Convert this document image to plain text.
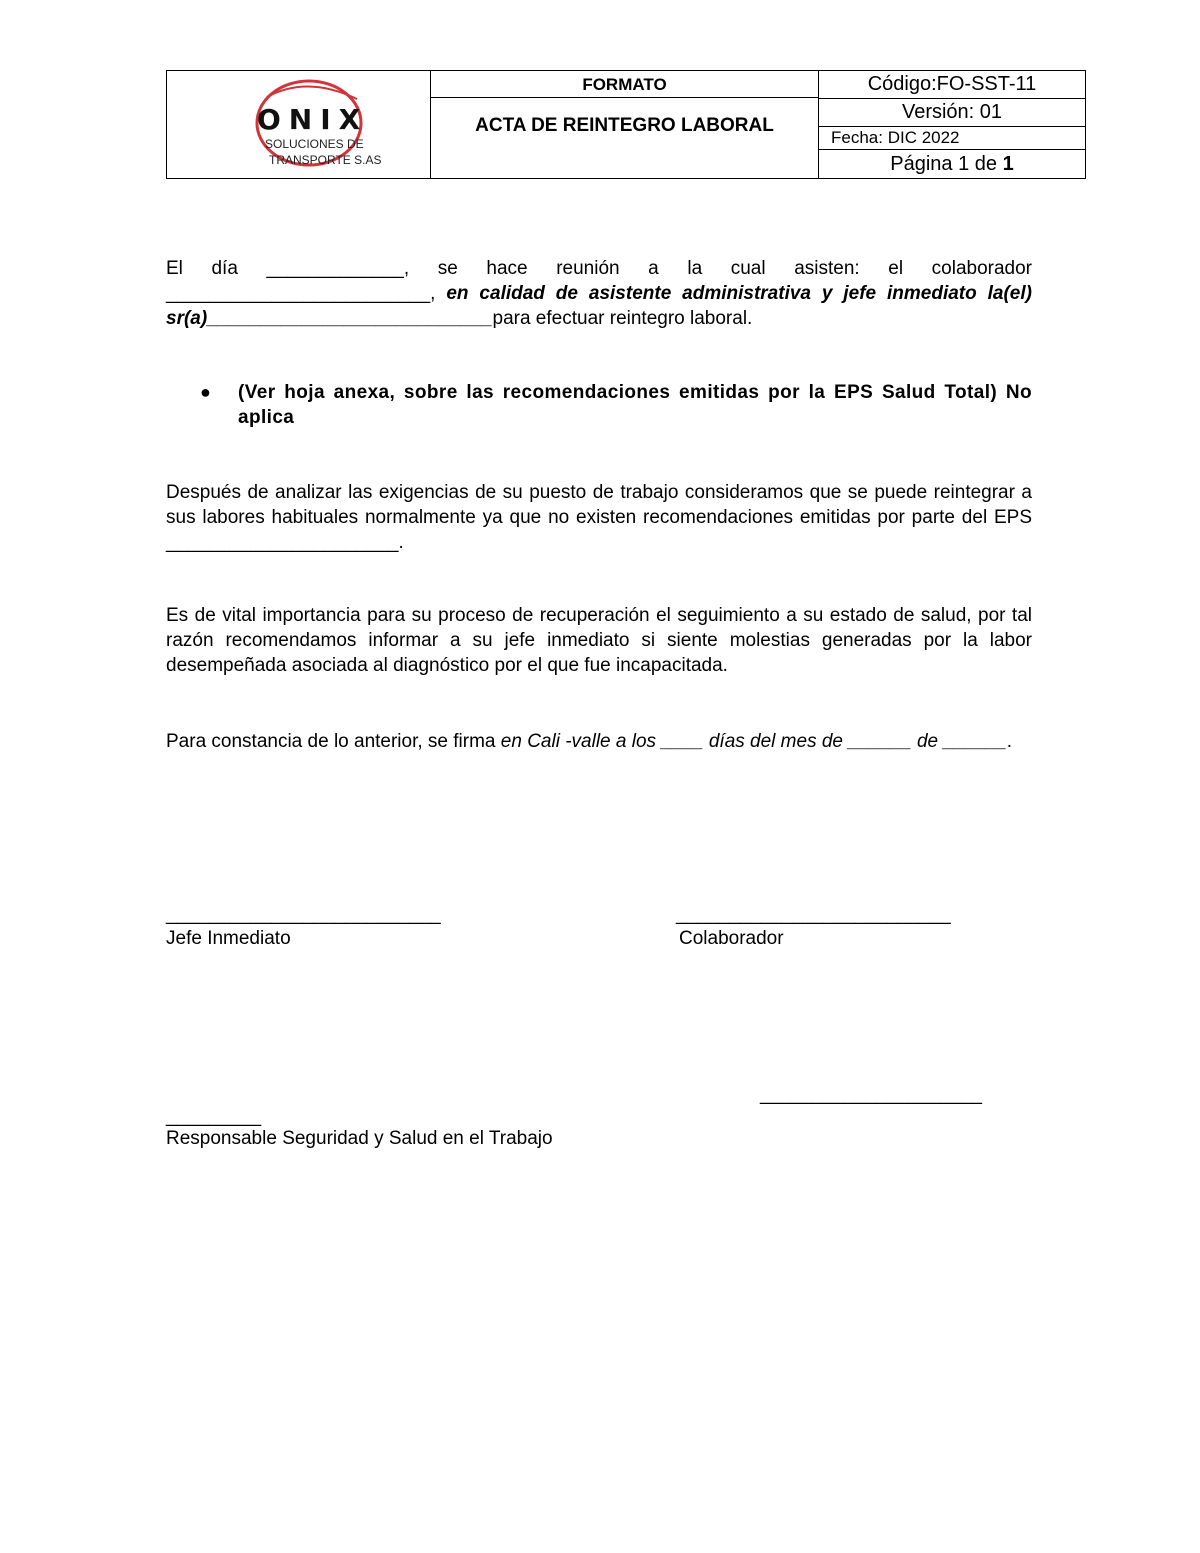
ONIX
SOLUCIONES DE
TRANSPORTE S.AS

FORMATO
ACTA DE REINTEGRO LABORAL

Código:FO-SST-11
Versión: 01
Fecha: DIC 2022
Página 1 de
1
El día _____________, se hace reunión a la cual asisten: el colaborador _________________________, en calidad de asistente administrativa y jefe inmediato la(el) sr(a)___________________________para efectuar reintegro laboral.
● (Ver hoja anexa, sobre las recomendaciones emitidas por la EPS Salud Total) No aplica
Después de analizar las exigencias de su puesto de trabajo consideramos que se puede reintegrar a sus labores habituales normalmente ya que no existen recomendaciones emitidas por parte del EPS ______________________.
Es de vital importancia para su proceso de recuperación el seguimiento a su estado de salud, por tal razón recomendamos informar a su jefe inmediato si siente molestias generadas por la labor desempeñada asociada al diagnóstico por el que fue incapacitada.
Para constancia de lo anterior, se firma en Cali -valle a los ____ días del mes de ______ de ______.
__________________________
Jefe Inmediato
__________________________
Colaborador
_____________________
_________
Responsable Seguridad y Salud en el Trabajo
